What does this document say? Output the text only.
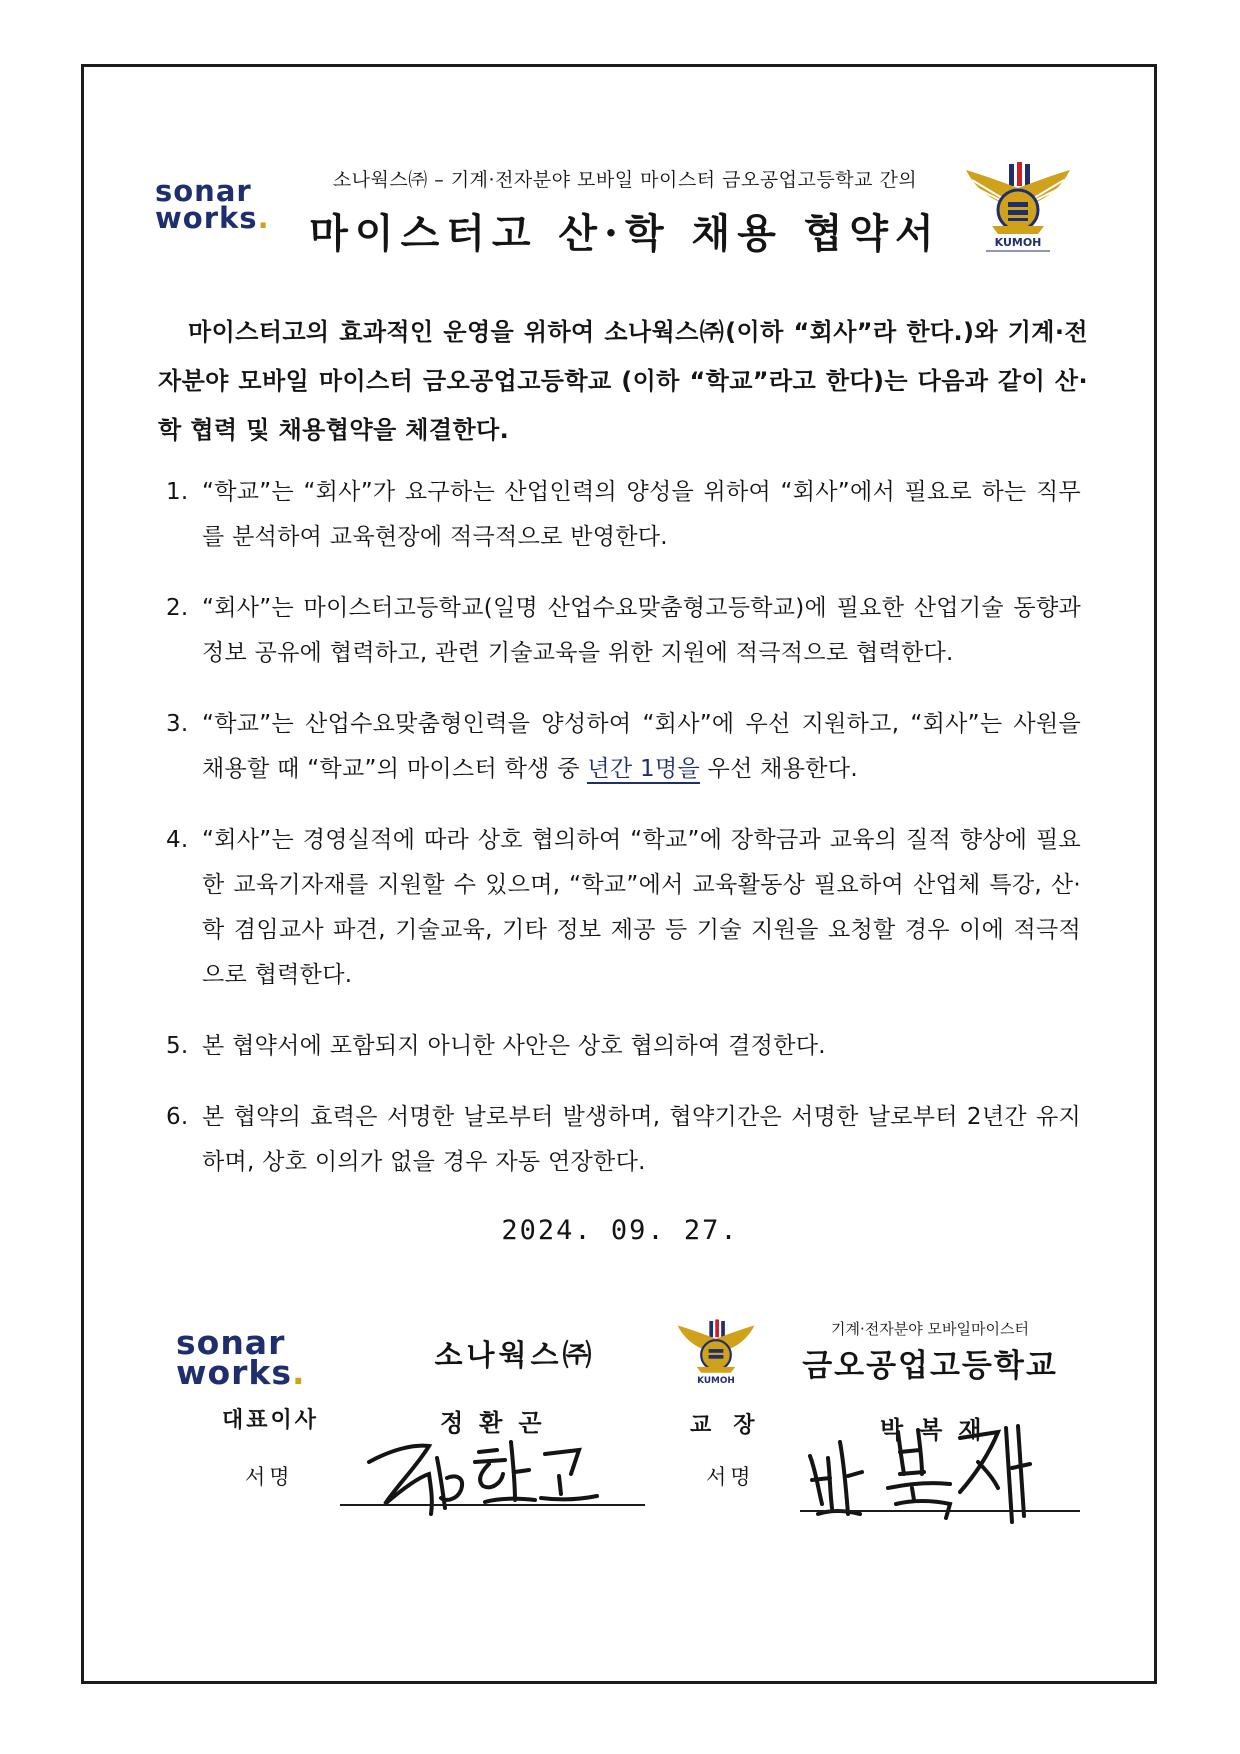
sonar
works.
소나웍스㈜ – 기계·전자분야 모바일 마이스터 금오공업고등학교 간의
마이스터고 산·학 채용 협약서	KUMOH
마이스터고의 효과적인 운영을 위하여 소나웍스㈜(이하 “회사”라 한다.)와 기계·전자분야 모바일 마이스터 금오공업고등학교 (이하 “학교”라고 한다)는 다음과 같이 산·학 협력 및 채용협약을 체결한다.
1. “학교”는 “회사”가 요구하는 산업인력의 양성을 위하여 “회사”에서 필요로 하는 직무를 분석하여 교육현장에 적극적으로 반영한다.
2. “회사”는 마이스터고등학교(일명 산업수요맞춤형고등학교)에 필요한 산업기술 동향과 정보 공유에 협력하고, 관련 기술교육을 위한 지원에 적극적으로 협력한다.
3. “학교”는 산업수요맞춤형인력을 양성하여 “회사”에 우선 지원하고, “회사”는 사원을 채용할 때 “학교”의 마이스터 학생 중 년간 1명을 우선 채용한다.
4. “회사”는 경영실적에 따라 상호 협의하여 “학교”에 장학금과 교육의 질적 향상에 필요한 교육기자재를 지원할 수 있으며, “학교”에서 교육활동상 필요하여 산업체 특강, 산·학 겸임교사 파견, 기술교육, 기타 정보 제공 등 기술 지원을 요청할 경우 이에 적극적으로 협력한다.
5. 본 협약서에 포함되지 아니한 사안은 상호 협의하여 결정한다.
6. 본 협약의 효력은 서명한 날로부터 발생하며, 협약기간은 서명한 날로부터 2년간 유지하며, 상호 이의가 없을 경우 자동 연장한다.
2024. 09. 27.
sonar
works.	소나웍스㈜
대표이사	정환곤
서명
KUMOH
기계·전자분야 모바일마이스터
금오공업고등학교
교장	박복재
서명
